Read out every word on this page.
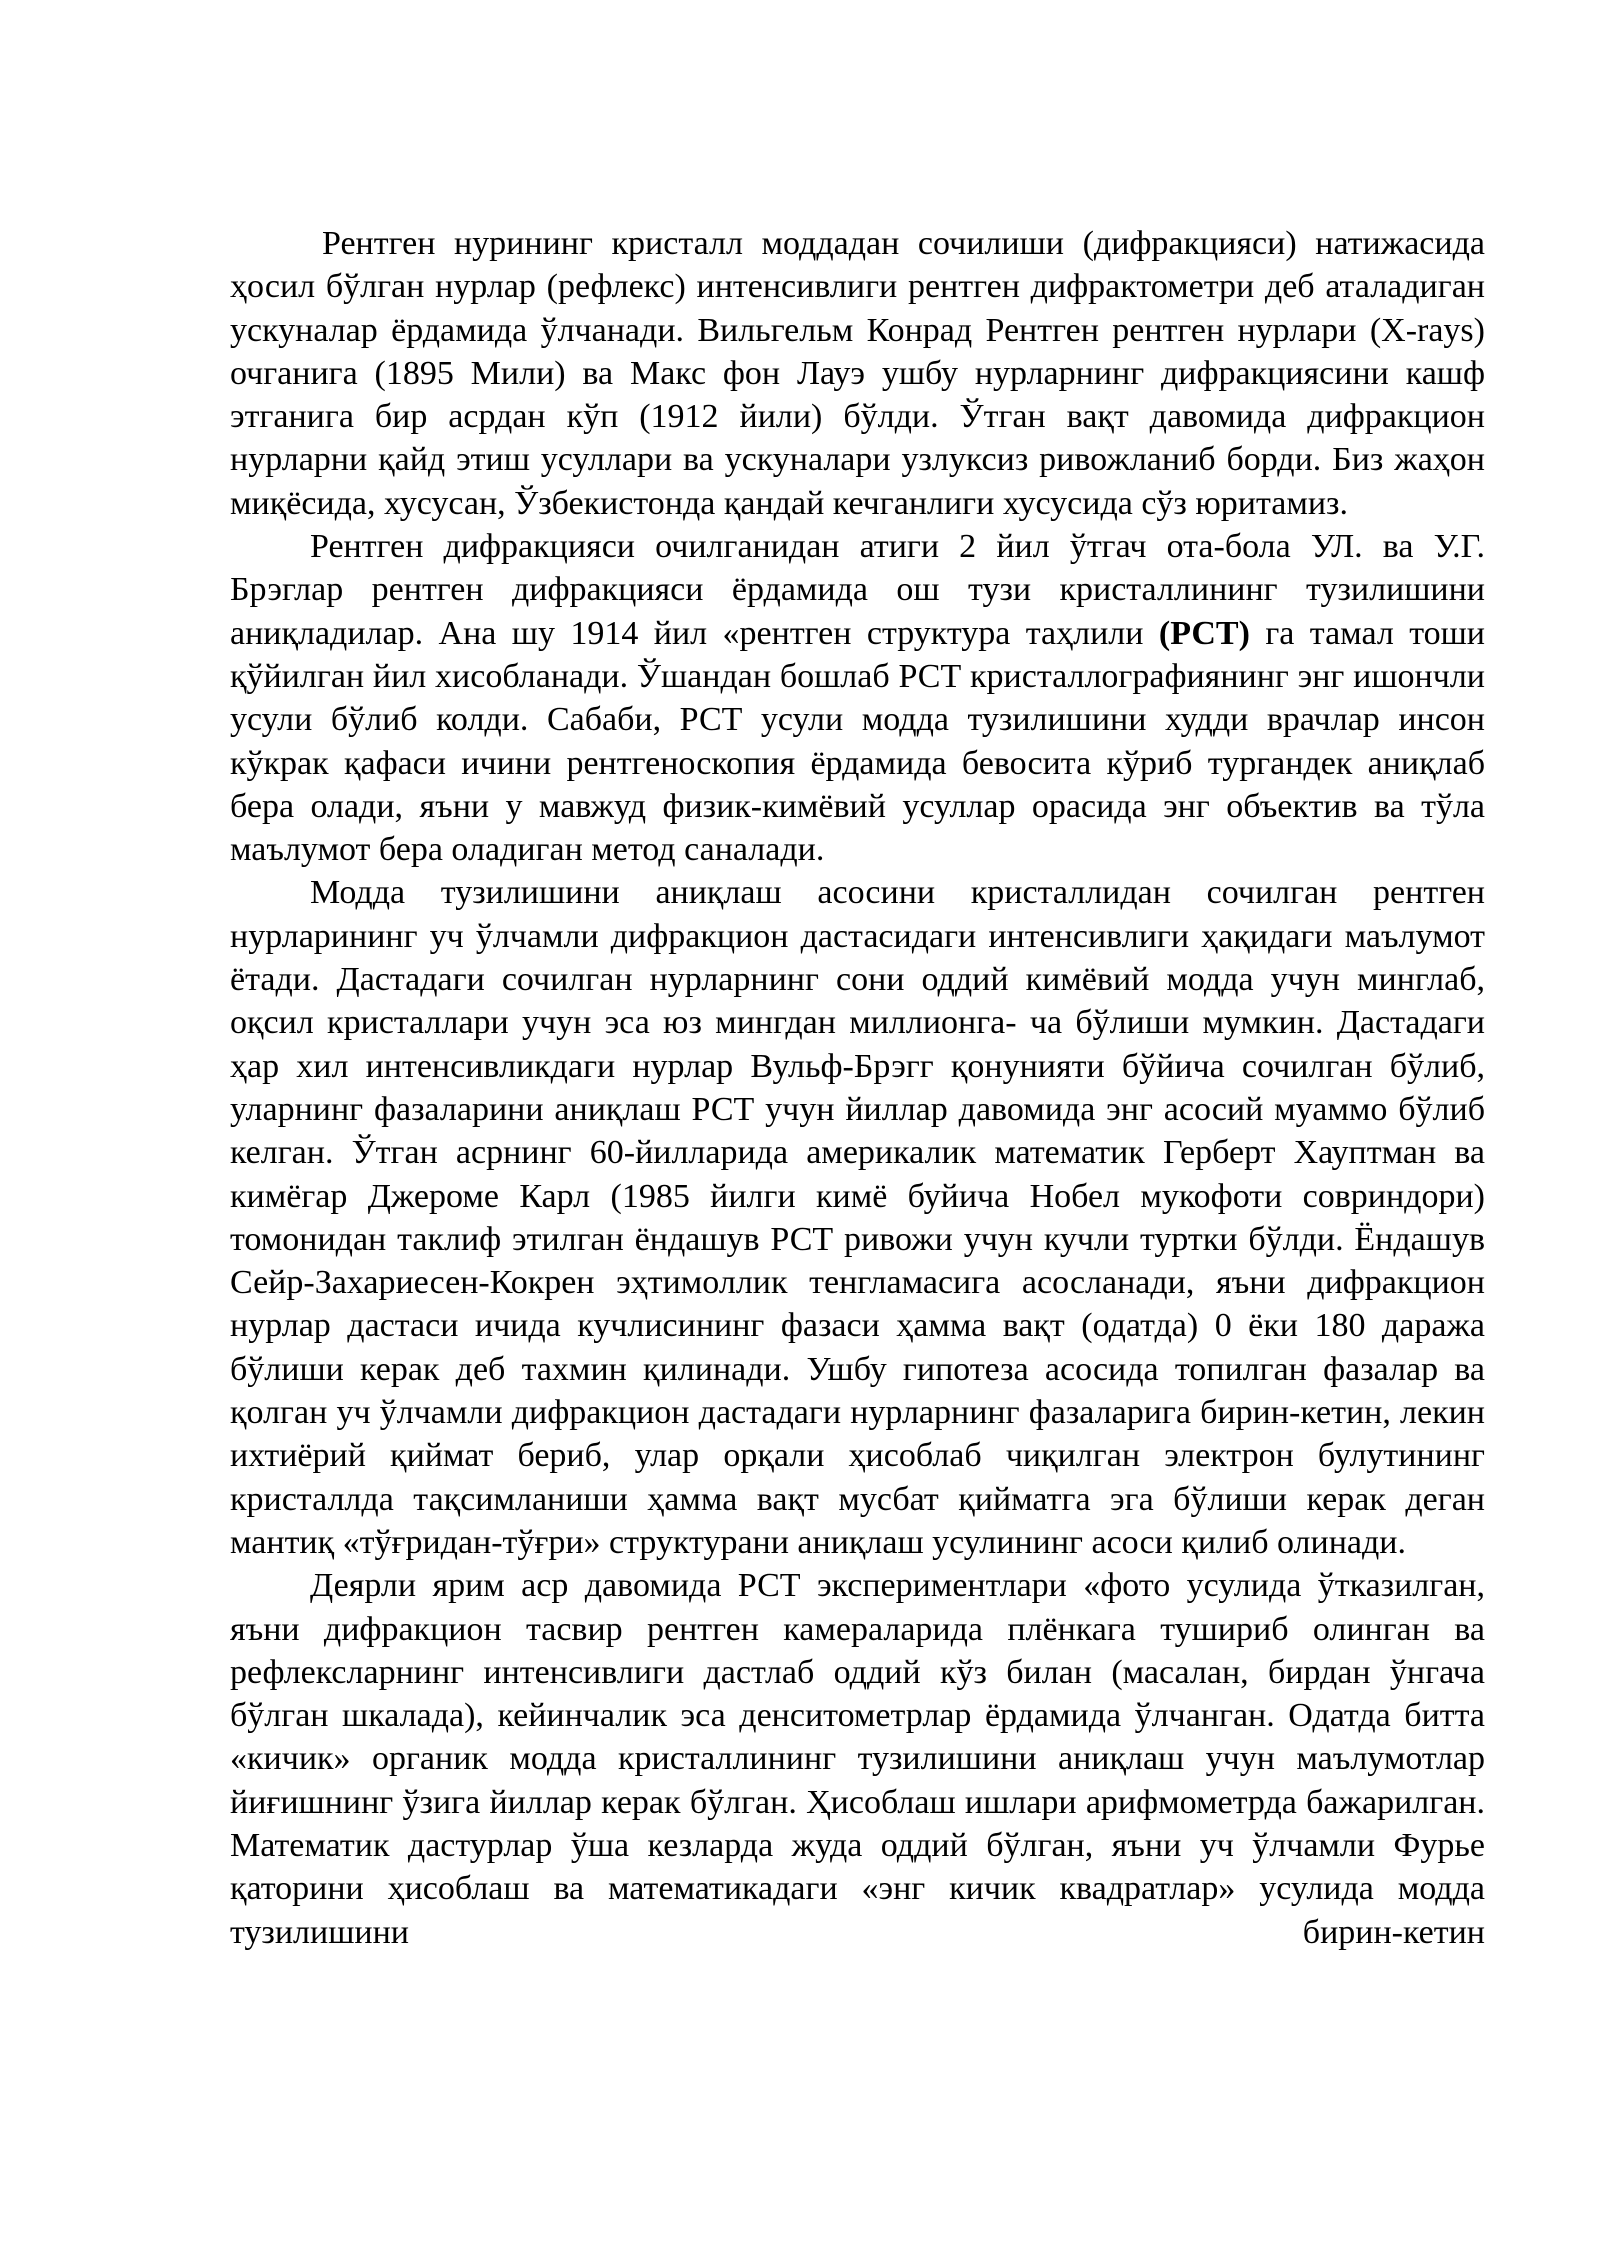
Рентген нурининг кристалл моддадан сочилиши (дифракцияси) натижасида ҳосил бўлган нурлар (рефлекс) интенсивлиги рентген дифрактометри деб аталадиган ускуналар ёрдамида ўлчанади. Вильгельм Конрад Рентген рентген нурлари (X-rays) очганига (1895 Мили) ва Макс фон Лауэ ушбу нурларнинг дифракциясини кашф этганига бир асрдан кўп (1912 йили) бўлди. Ўтган вақт давомида дифракцион нурларни қайд этиш усуллари ва ускуналари узлуксиз ривожланиб борди. Биз жаҳон миқёсида, хусусан, Ўзбекистонда қандай кечганлиги хусусида сўз юритамиз.

Рентген дифракцияси очилганидан атиги 2 йил ўтгач ота-бола УЛ. ва У.Г. Брэглар рентген дифракцияси ёрдамида ош тузи кристаллининг тузилишини аниқладилар. Ана шу 1914 йил «рентген структура таҳлили (РСТ) га тамал тоши қўйилган йил хисобланади. Ўшандан бошлаб РСТ кристаллографиянинг энг ишончли усули бўлиб колди. Сабаби, РСТ усули модда тузилишини худди врачлар инсон кўкрак қафаси ичини рентгеноскопия ёрдамида бевосита кўриб тургандек аниқлаб бера олади, яъни у мавжуд физик-кимёвий усуллар орасида энг объектив ва тўла маълумот бера оладиган метод саналади.

Модда тузилишини аниқлаш асосини кристаллидан сочилган рентген нурларининг уч ўлчамли дифракцион дастасидаги интенсивлиги ҳақидаги маълумот ётади. Дастадаги сочилган нурларнинг сони оддий кимёвий модда учун минглаб, оқсил кристаллари учун эса юз мингдан миллионга- ча бўлиши мумкин. Дастадаги ҳар хил интенсивликдаги нурлар Вульф-Брэгг қонунияти бўйича сочилган бўлиб, уларнинг фазаларини аниқлаш РСТ учун йиллар давомида энг асосий муаммо бўлиб келган. Ўтган асрнинг 60-йилларида америкалик математик Герберт Хауптман ва кимёгар Джероме Карл (1985 йилги кимё буйича Нобел мукофоти совриндори) томонидан таклиф этилган ёндашув РСТ ривожи учун кучли туртки бўлди. Ёндашув Сейр-Захариесен-Кокрен эҳтимоллик тенгламасига асосланади, яъни дифракцион нурлар дастаси ичида кучлисининг фазаси ҳамма вақт (одатда) 0 ёки 180 даража бўлиши керак деб тахмин қилинади. Ушбу гипотеза асосида топилган фазалар ва қолган уч ўлчамли дифракцион дастадаги нурларнинг фазаларига бирин-кетин, лекин ихтиёрий қиймат бериб, улар орқали ҳисоблаб чиқилган электрон булутининг кристаллда тақсимланиши ҳамма вақт мусбат қийматга эга бўлиши керак деган мантиқ «тўғридан-тўғри» структурани аниқлаш усулининг асоси қилиб олинади.

Деярли ярим аср давомида РСТ экспериментлари «фото усулида ўтказилган, яъни дифракцион тасвир рентген камераларида плёнкага тушириб олинган ва рефлексларнинг интенсивлиги дастлаб оддий кўз билан (масалан, бирдан ўнгача бўлган шкалада), кейинчалик эса денситометрлар ёрдамида ўлчанган. Одатда битта «кичик» органик модда кристаллининг тузилишини аниқлаш учун маълумотлар йиғишнинг ўзига йиллар керак бўлган. Ҳисоблаш ишлари арифмометрда бажарилган. Математик дастурлар ўша кезларда жуда оддий бўлган, яъни уч ўлчамли Фурье қаторини ҳисоблаш ва математикадаги «энг кичик квадратлар» усулида модда тузилишини бирин-кетин
